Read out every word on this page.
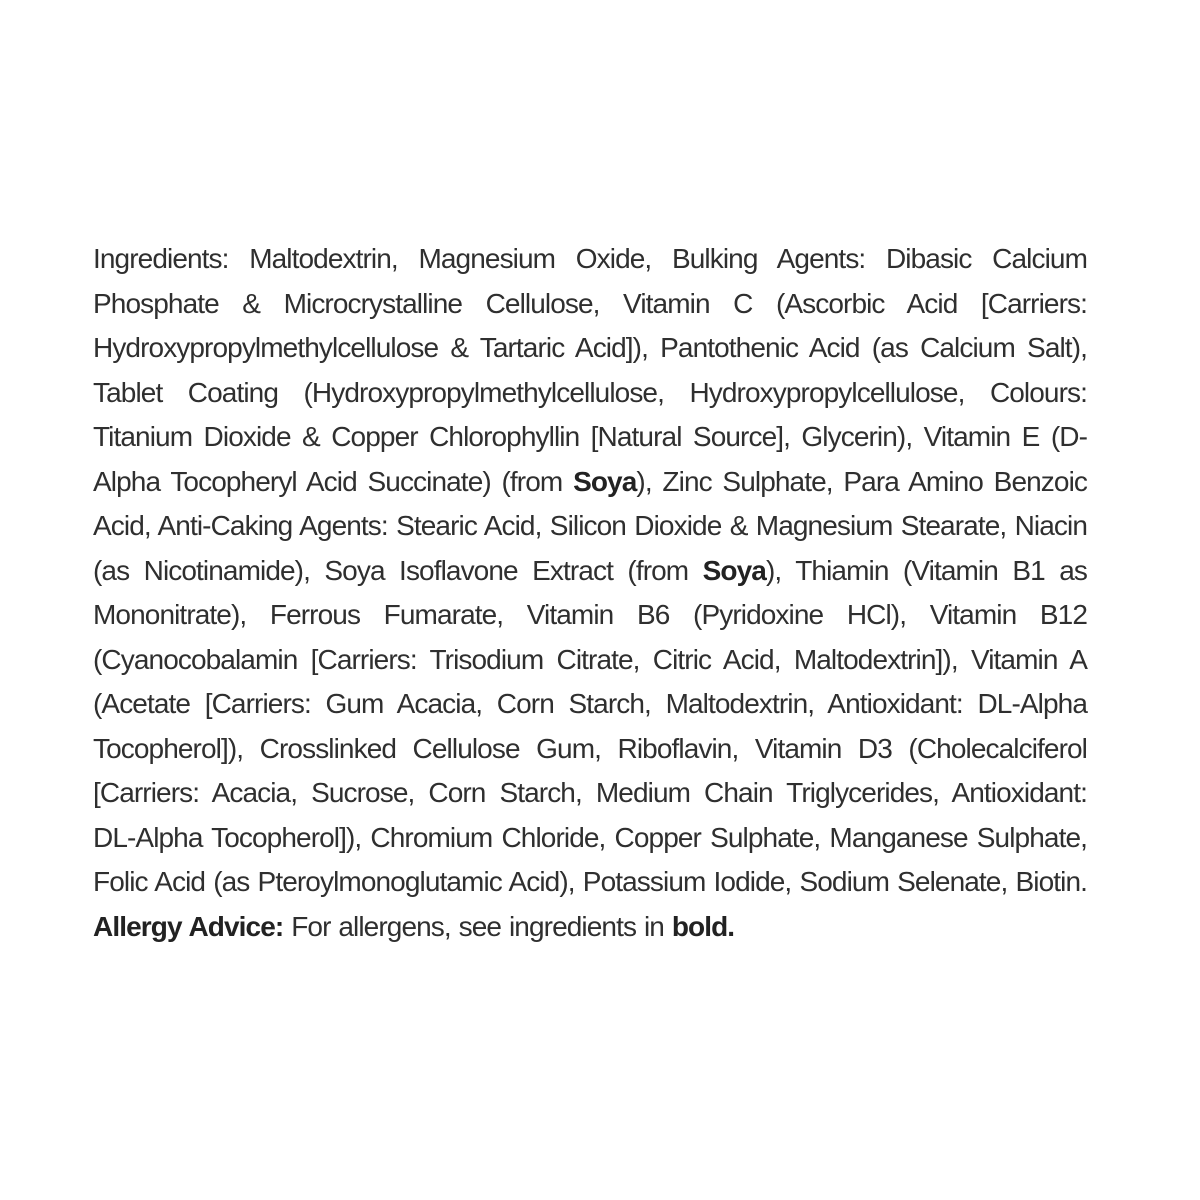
Ingredients: Maltodextrin, Magnesium Oxide, Bulking Agents: Dibasic Calcium Phosphate & Microcrystalline Cellulose, Vitamin C (Ascorbic Acid [Carriers: Hydroxypropylmethylcellulose & Tartaric Acid]), Pantothenic Acid (as Calcium Salt), Tablet Coating (Hydroxypropylmethylcellulose, Hydroxypropylcellulose, Colours: Titanium Dioxide & Copper Chlorophyllin [Natural Source], Glycerin), Vitamin E (D-Alpha Tocopheryl Acid Succinate) (from Soya), Zinc Sulphate, Para Amino Benzoic Acid, Anti-Caking Agents: Stearic Acid, Silicon Dioxide & Magnesium Stearate, Niacin (as Nicotinamide), Soya Isoflavone Extract (from Soya), Thiamin (Vitamin B1 as Mononitrate), Ferrous Fumarate, Vitamin B6 (Pyridoxine HCl), Vitamin B12 (Cyanocobalamin [Carriers: Trisodium Citrate, Citric Acid, Maltodextrin]), Vitamin A (Acetate [Carriers: Gum Acacia, Corn Starch, Maltodextrin, Antioxidant: DL-Alpha Tocopherol]), Crosslinked Cellulose Gum, Riboflavin, Vitamin D3 (Cholecalciferol [Carriers: Acacia, Sucrose, Corn Starch, Medium Chain Triglycerides, Antioxidant: DL-Alpha Tocopherol]), Chromium Chloride, Copper Sulphate, Manganese Sulphate, Folic Acid (as Pteroylmonoglutamic Acid), Potassium Iodide, Sodium Selenate, Biotin. Allergy Advice: For allergens, see ingredients in bold.
